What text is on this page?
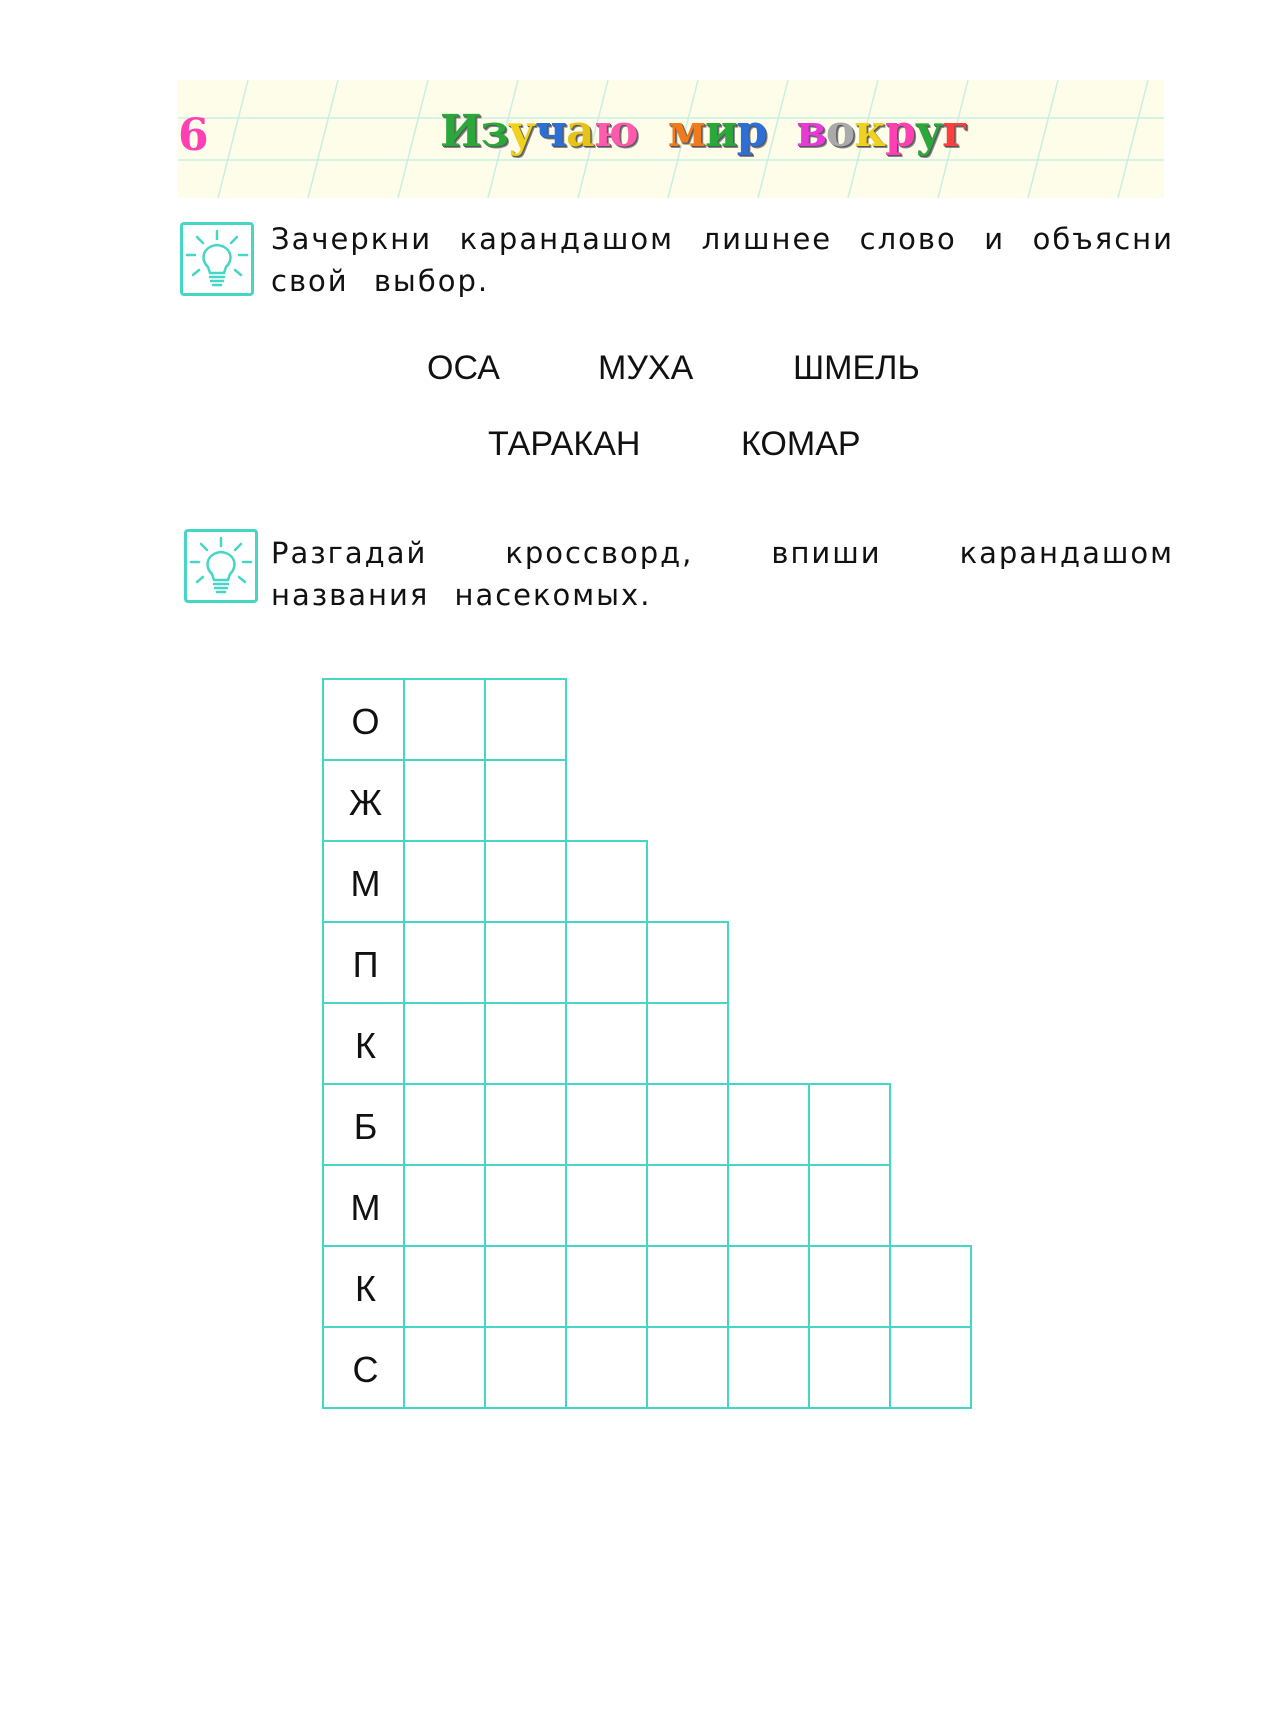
6	Изучаю мир вокруг
Зачеркни карандашом лишнее слово и объясни свой выбор.
ОСА	МУХА	ШМЕЛЬ
ТАРАКАН	КОМАР
Разгадай кроссворд, впиши карандашом названия насекомых.
О
Ж
М
П
К
Б
М
К
С
